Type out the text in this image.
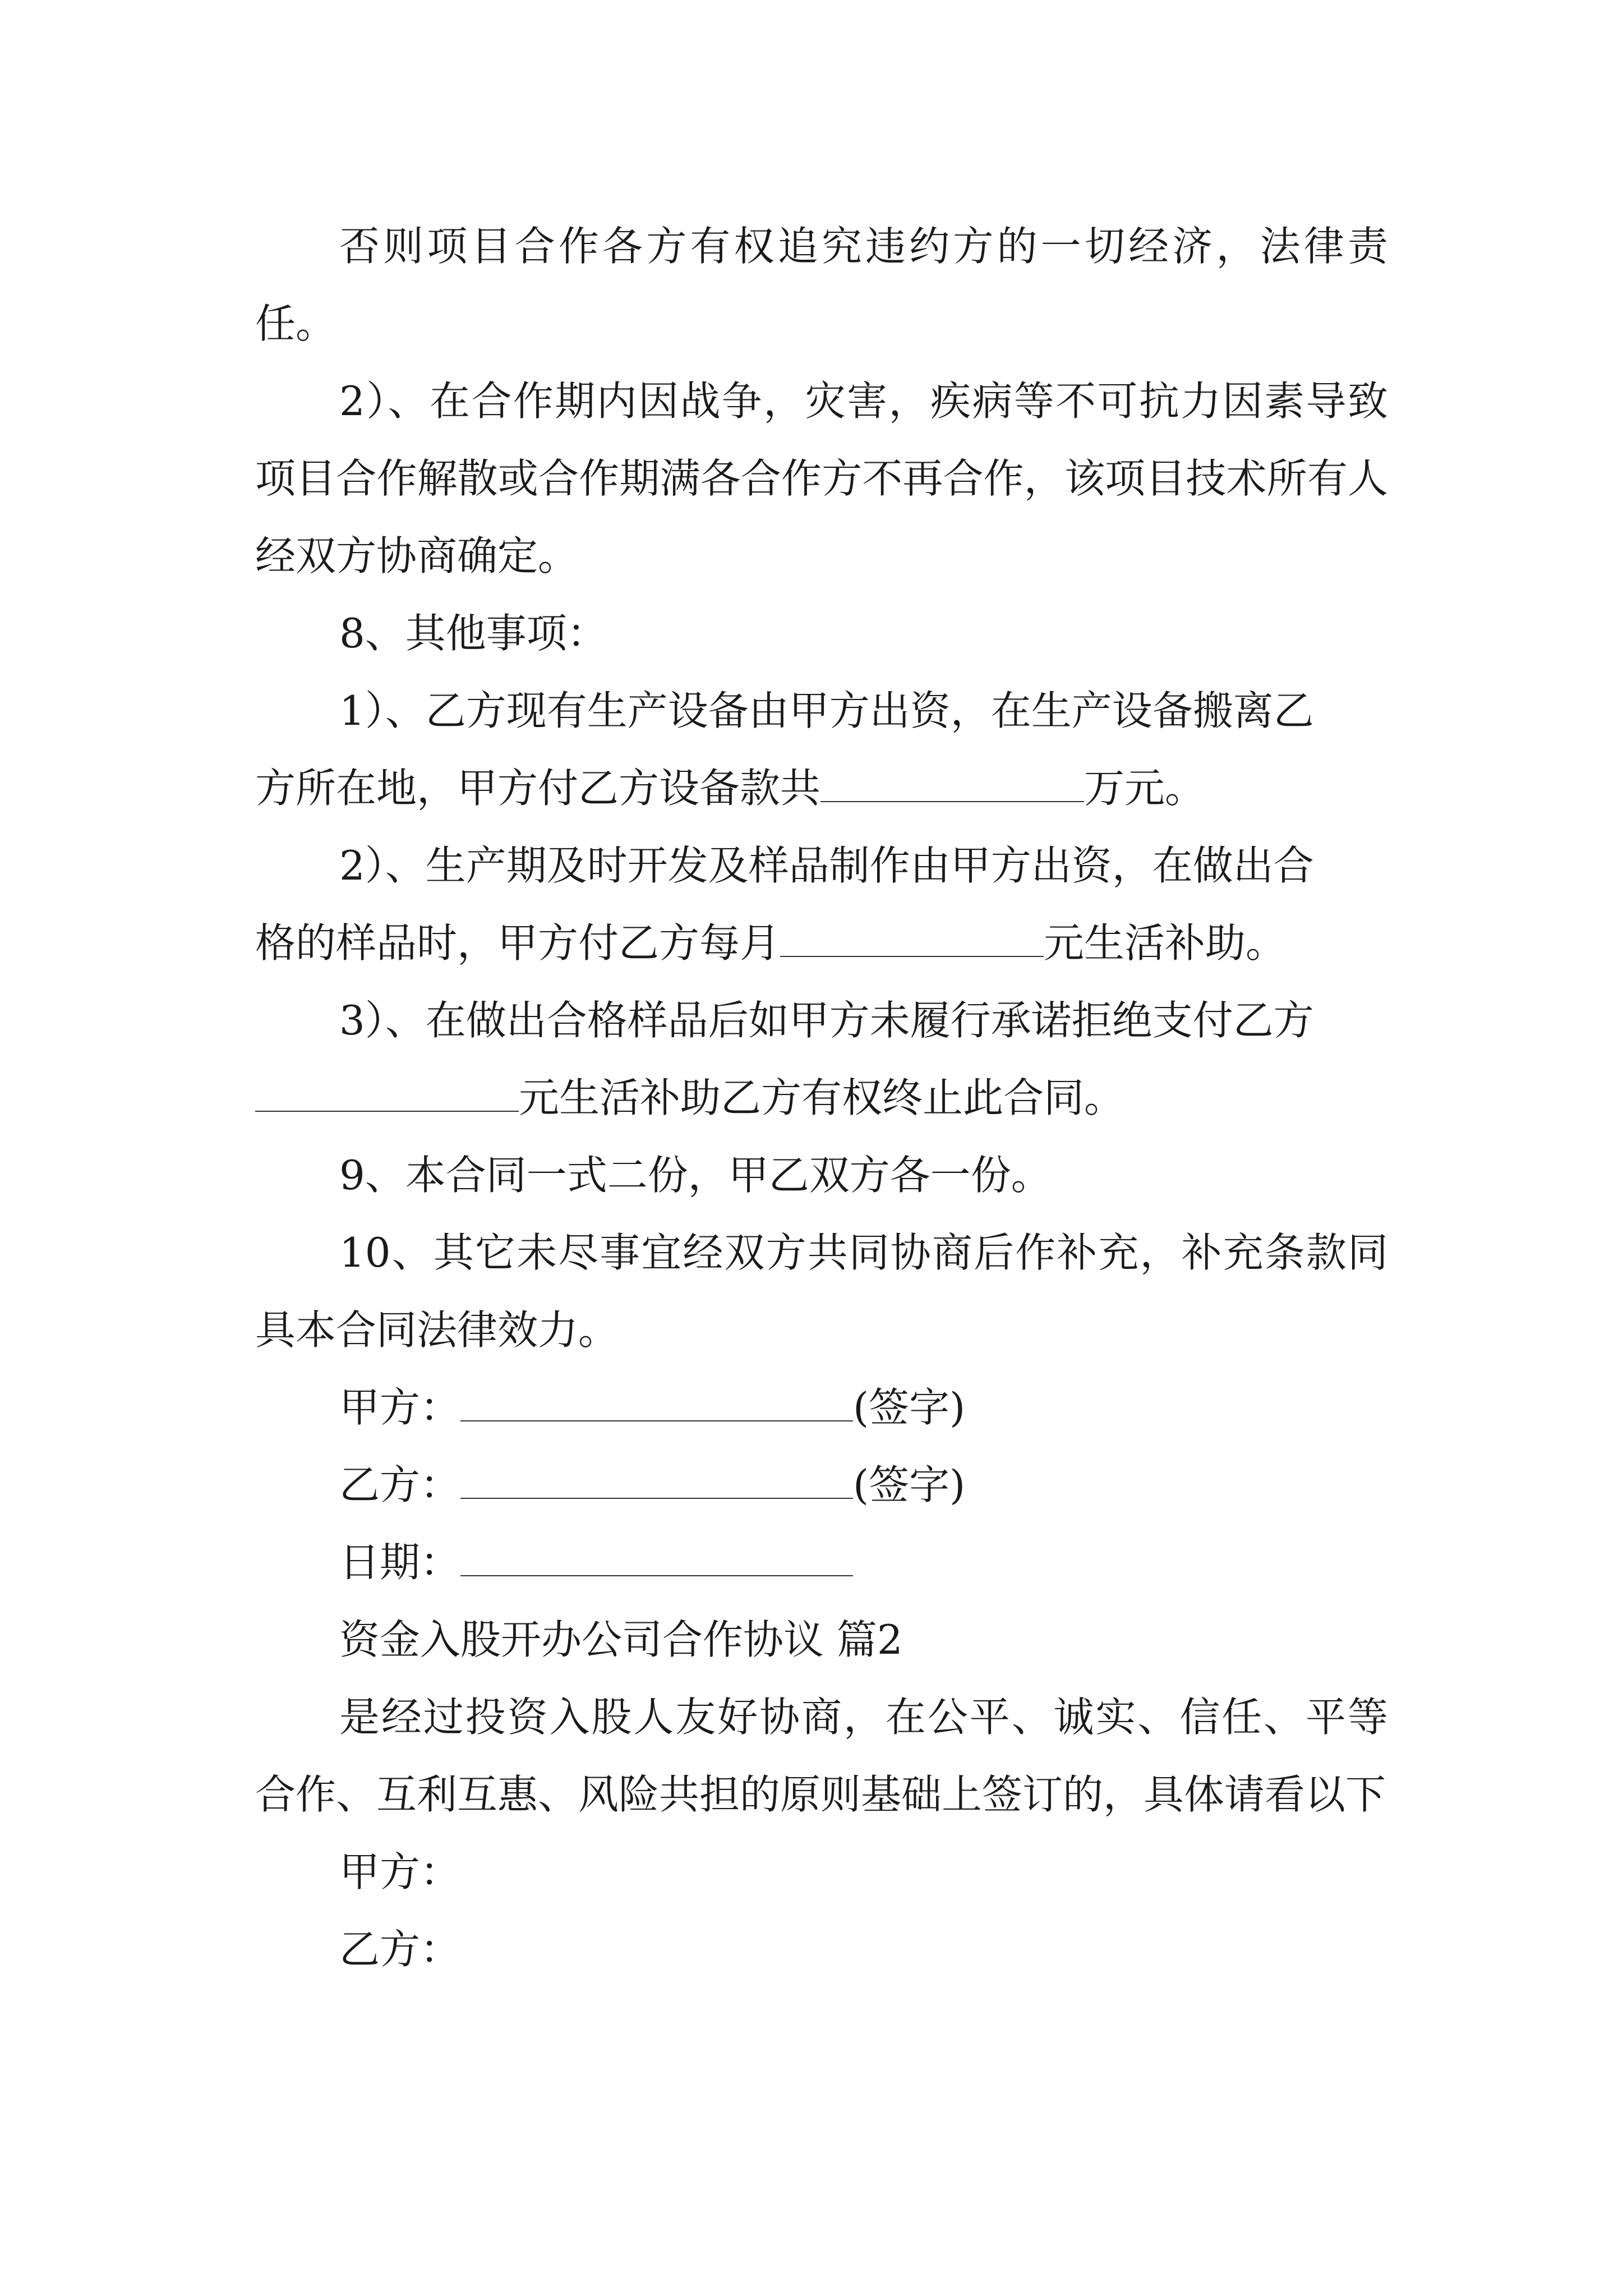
否则项目合作各方有权追究违约方的一切经济，法律责任。

2）、在合作期内因战争，灾害，疾病等不可抗力因素导致项目合作解散或合作期满各合作方不再合作，该项目技术所有人经双方协商确定。

8、其他事项：

1）、乙方现有生产设备由甲方出资，在生产设备搬离乙
方所在地，甲方付乙方设备款共	万元。
2）、生产期及时开发及样品制作由甲方出资，在做出合
格的样品时，甲方付乙方每月	元生活补助。
3）、在做出合格样品后如甲方未履行承诺拒绝支付乙方
元生活补助乙方有权终止此合同。

9、本合同一式二份，甲乙双方各一份。

10、其它未尽事宜经双方共同协商后作补充，补充条款同具本合同法律效力。

甲方：	(签字)
乙方：	(签字)
日期：
资金入股开办公司合作协议 篇2

是经过投资入股人友好协商，在公平、诚实、信任、平等合作、互利互惠、风险共担的原则基础上签订的，具体请看以下

甲方：
乙方：
